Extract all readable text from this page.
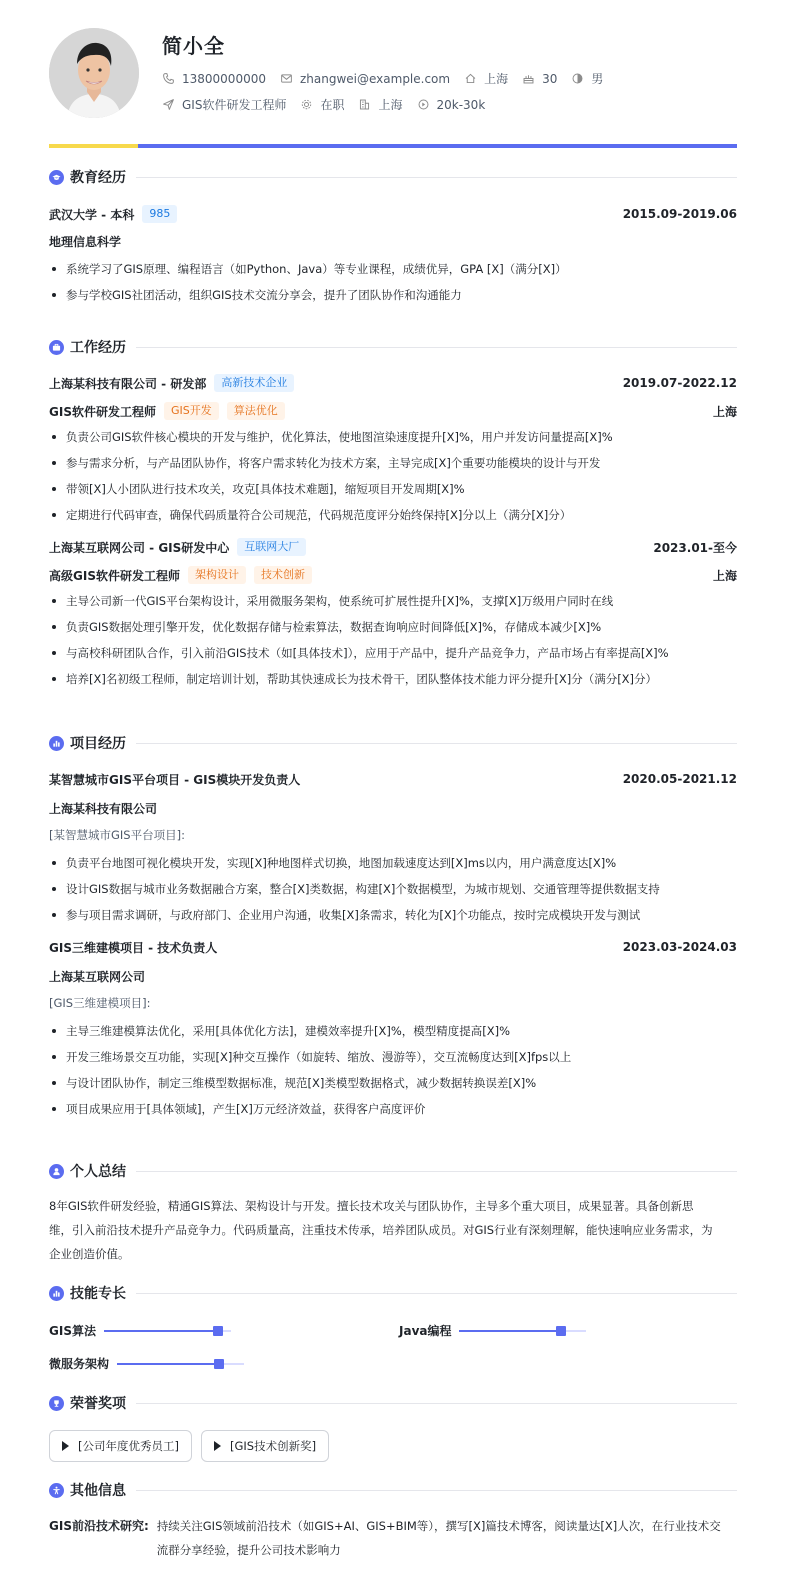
简小全
13800000000	zhangwei@example.com	上海	30	男
GIS软件研发工程师	在职	上海	20k-30k
教育经历
武汉大学 - 本科	985	2015.09-2019.06
地理信息科学
系统学习了GIS原理、编程语言（如Python、Java）等专业课程，成绩优异，GPA [X]（满分[X]）
参与学校GIS社团活动，组织GIS技术交流分享会，提升了团队协作和沟通能力
工作经历
上海某科技有限公司 - 研发部	高新技术企业	2019.07-2022.12
GIS软件研发工程师	GIS开发	算法优化	上海
负责公司GIS软件核心模块的开发与维护，优化算法，使地图渲染速度提升[X]%，用户并发访问量提高[X]%
参与需求分析，与产品团队协作，将客户需求转化为技术方案，主导完成[X]个重要功能模块的设计与开发
带领[X]人小团队进行技术攻关，攻克[具体技术难题]，缩短项目开发周期[X]%
定期进行代码审查，确保代码质量符合公司规范，代码规范度评分始终保持[X]分以上（满分[X]分）
上海某互联网公司 - GIS研发中心	互联网大厂	2023.01-至今
高级GIS软件研发工程师	架构设计	技术创新	上海
主导公司新一代GIS平台架构设计，采用微服务架构，使系统可扩展性提升[X]%，支撑[X]万级用户同时在线
负责GIS数据处理引擎开发，优化数据存储与检索算法，数据查询响应时间降低[X]%，存储成本减少[X]%
与高校科研团队合作，引入前沿GIS技术（如[具体技术]），应用于产品中，提升产品竞争力，产品市场占有率提高[X]%
培养[X]名初级工程师，制定培训计划，帮助其快速成长为技术骨干，团队整体技术能力评分提升[X]分（满分[X]分）
项目经历
某智慧城市GIS平台项目 - GIS模块开发负责人	2020.05-2021.12
上海某科技有限公司
[某智慧城市GIS平台项目]:
负责平台地图可视化模块开发，实现[X]种地图样式切换，地图加载速度达到[X]ms以内，用户满意度达[X]%
设计GIS数据与城市业务数据融合方案，整合[X]类数据，构建[X]个数据模型，为城市规划、交通管理等提供数据支持
参与项目需求调研，与政府部门、企业用户沟通，收集[X]条需求，转化为[X]个功能点，按时完成模块开发与测试
GIS三维建模项目 - 技术负责人	2023.03-2024.03
上海某互联网公司
[GIS三维建模项目]:
主导三维建模算法优化，采用[具体优化方法]，建模效率提升[X]%，模型精度提高[X]%
开发三维场景交互功能，实现[X]种交互操作（如旋转、缩放、漫游等），交互流畅度达到[X]fps以上
与设计团队协作，制定三维模型数据标准，规范[X]类模型数据格式，减少数据转换误差[X]%
项目成果应用于[具体领域]，产生[X]万元经济效益，获得客户高度评价
个人总结
8年GIS软件研发经验，精通GIS算法、架构设计与开发。擅长技术攻关与团队协作，主导多个重大项目，成果显著。具备创新思
维，引入前沿技术提升产品竞争力。代码质量高，注重技术传承，培养团队成员。对GIS行业有深刻理解，能快速响应业务需求，为
企业创造价值。
技能专长
GIS算法	Java编程
微服务架构
荣誉奖项
[公司年度优秀员工]	[GIS技术创新奖]
其他信息
GIS前沿技术研究: 持续关注GIS领域前沿技术（如GIS+AI、GIS+BIM等），撰写[X]篇技术博客，阅读量达[X]人次，在行业技术交
流群分享经验，提升公司技术影响力
